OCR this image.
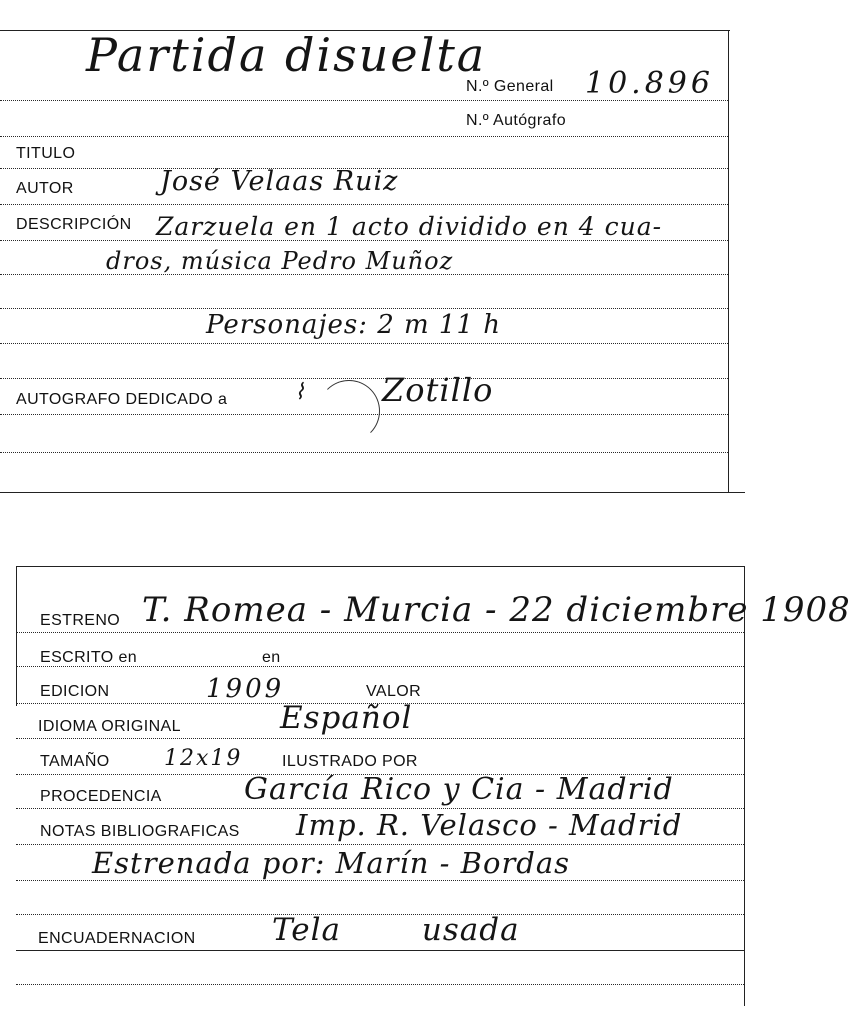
Partida disuelta
N.º General 10.896
N.º Autógrafo
TITULO
AUTOR	José Velaas Ruiz
DESCRIPCIÓN Zarzuela en 1 acto dividido en 4 cua-
dros, música Pedro Muñoz
Personajes: 2 m 11 h
AUTOGRAFO DEDICADO a	⌇ Zotillo
ESTRENO T. Romea - Murcia - 22 diciembre 1908
ESCRITO en	en
EDICION	1909	VALOR
IDIOMA ORIGINAL	Español
TAMAÑO 12x19 ILUSTRADO POR
PROCEDENCIA	García Rico y Cia - Madrid
NOTAS BIBLIOGRAFICAS Imp. R. Velasco - Madrid
Estrenada por: Marín - Bordas
ENCUADERNACION Tela usada
